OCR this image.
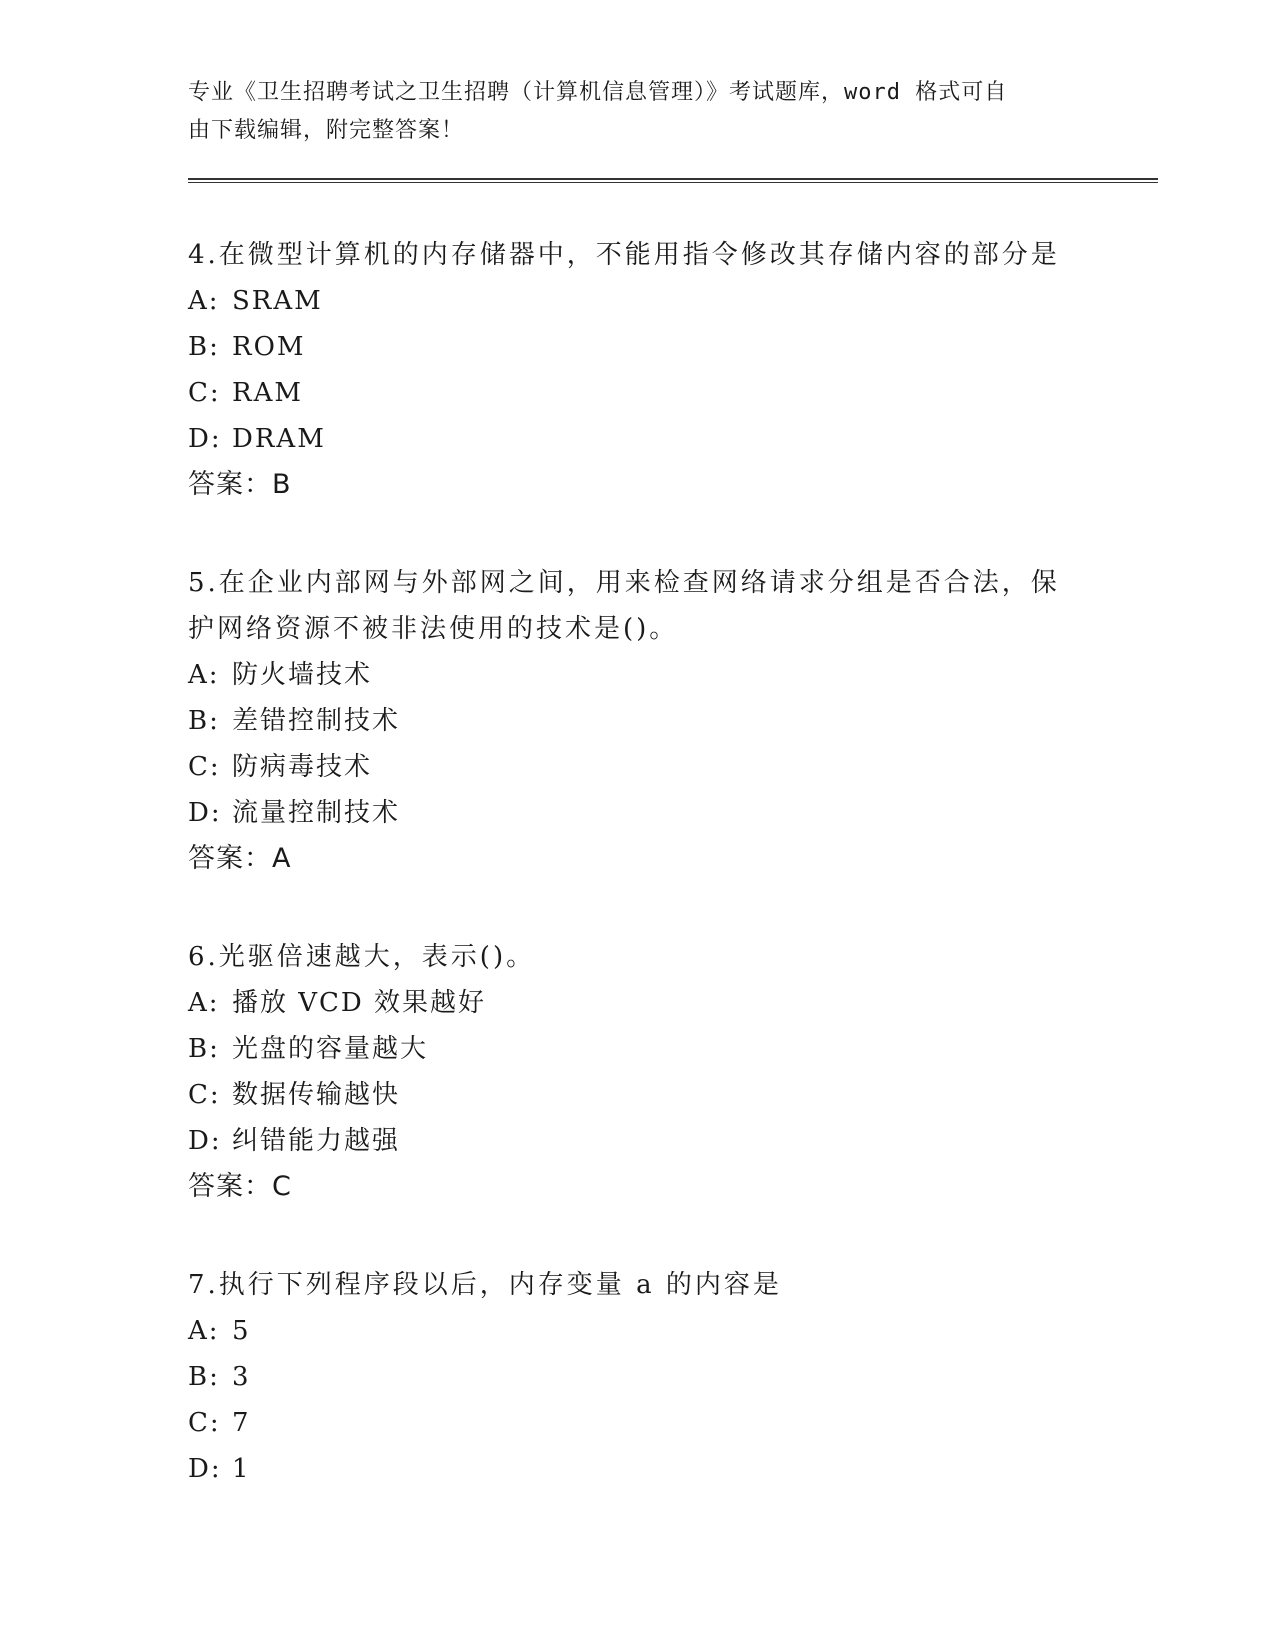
专业《卫生招聘考试之卫生招聘（计算机信息管理）》考试题库，word 格式可自
由下载编辑，附完整答案！

4.在微型计算机的内存储器中，不能用指令修改其存储内容的部分是

A: SRAM

B: ROM

C: RAM

D: DRAM

答案：B

5.在企业内部网与外部网之间，用来检查网络请求分组是否合法，保护网络资源不被非法使用的技术是()。

A: 防火墙技术

B: 差错控制技术

C: 防病毒技术

D: 流量控制技术

答案：A

6.光驱倍速越大，表示()。

A: 播放 VCD 效果越好

B: 光盘的容量越大

C: 数据传输越快

D: 纠错能力越强

答案：C

7.执行下列程序段以后，内存变量 a 的内容是

A: 5

B: 3

C: 7

D: 1
